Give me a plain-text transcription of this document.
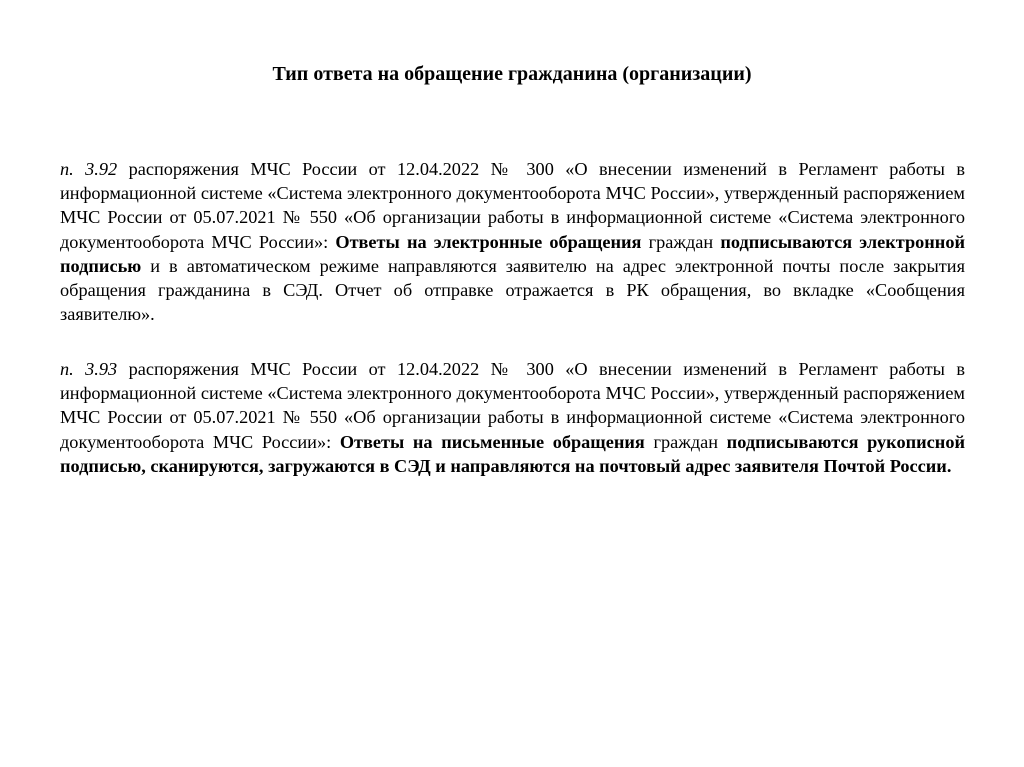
Тип ответа на обращение гражданина (организации)
п. 3.92 распоряжения МЧС России от 12.04.2022 № 300 «О внесении изменений в Регламент работы в информационной системе «Система электронного документооборота МЧС России», утвержденный распоряжением МЧС России от 05.07.2021 № 550 «Об организации работы в информационной системе «Система электронного документооборота МЧС России»: Ответы на электронные обращения граждан подписываются электронной подписью и в автоматическом режиме направляются заявителю на адрес электронной почты после закрытия обращения гражданина в СЭД. Отчет об отправке отражается в РК обращения, во вкладке «Сообщения заявителю».
п. 3.93 распоряжения МЧС России от 12.04.2022 № 300 «О внесении изменений в Регламент работы в информационной системе «Система электронного документооборота МЧС России», утвержденный распоряжением МЧС России от 05.07.2021 № 550 «Об организации работы в информационной системе «Система электронного документооборота МЧС России»: Ответы на письменные обращения граждан подписываются рукописной подписью, сканируются, загружаются в СЭД и направляются на почтовый адрес заявителя Почтой России.
